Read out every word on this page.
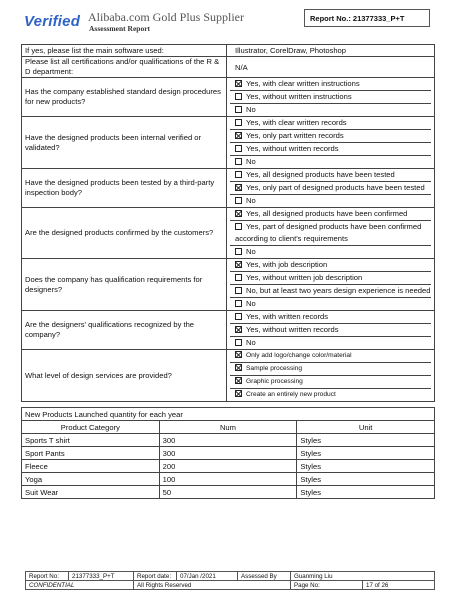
Verified Alibaba.com Gold Plus Supplier
Assessment Report
Report No.: 21377333_P+T
If yes, please list the main software used:	Illustrator, CorelDraw, Photoshop

Please list all certifications and/or qualifications of the R & D department:	N/A

Has the company established standard design procedures for new products?	Yes, with clear written instructions
Yes, without written instructions
No

Have the designed products been internal verified or validated?	Yes, with clear written records
Yes, only part written records
Yes, without written records
No

Have the designed products been tested by a third-party inspection body?	Yes, all designed products have been tested
Yes, only part of designed products have been tested
No

Are the designed products confirmed by the customers?	Yes, all designed products have been confirmed
Yes, part of designed products have been confirmed according to client's requirements
No

Does the company has qualification requirements for designers?	Yes, with job description
Yes, without written job description
No, but at least two years design experience is needed
No

Are the designers' qualifications recognized by the company?	Yes, with written records
Yes, without written records
No

What level of design services are provided?	Only add logo/change color/material
Sample processing
Graphic processing
Create an entirely new product
New Products Launched quantity for each year		
Product Category	Num	Unit
Sports T shirt	300	Styles
Sport Pants	300	Styles
Fleece	200	Styles
Yoga	100	Styles
Suit Wear	50	Styles
Report No:	21377333_P+T	Report date:	07/Jan /2021	Assessed By	Guanming Liu	
CONFIDENTIAL		All Rights Reserved			Page No:	17 of 26
